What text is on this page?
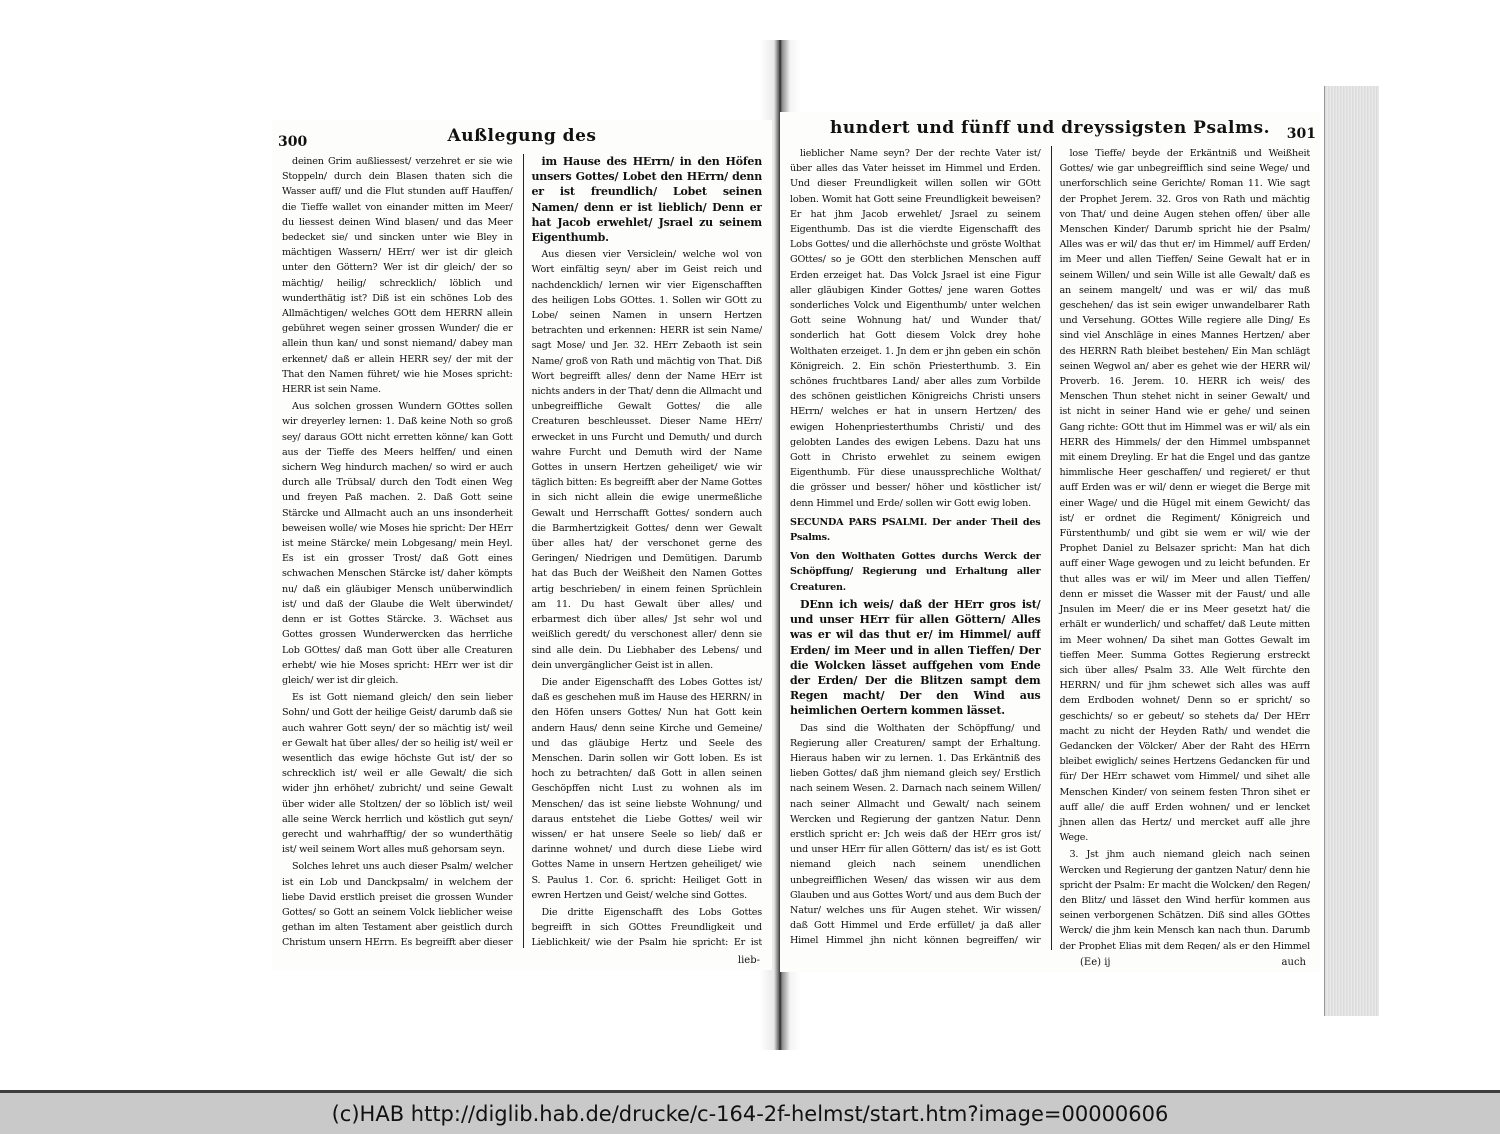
300	Außlegung des

deinen Grim außliessest/ verzehret er sie wie Stoppeln/ durch dein Blasen thaten sich die Wasser auff/ und die Flut stunden auff Hauffen/ die Tieffe wallet von einander mitten im Meer/ du liessest deinen Wind blasen/ und das Meer bedecket sie/ und sincken unter wie Bley in mächtigen Wassern/ HErr/ wer ist dir gleich unter den Göttern? Wer ist dir gleich/ der so mächtig/ heilig/ schrecklich/ löblich und wunderthätig ist? Diß ist ein schönes Lob des Allmächtigen/ welches GOtt dem HERRN allein gebühret wegen seiner grossen Wunder/ die er allein thun kan/ und sonst niemand/ dabey man erkennet/ daß er allein HERR sey/ der mit der That den Namen führet/ wie hie Moses spricht: HERR ist sein Name.

Aus solchen grossen Wundern GOttes sollen wir dreyerley lernen: 1. Daß keine Noth so groß sey/ daraus GOtt nicht erretten könne/ kan Gott aus der Tieffe des Meers helffen/ und einen sichern Weg hindurch machen/ so wird er auch durch alle Trübsal/ durch den Todt einen Weg und freyen Paß machen. 2. Daß Gott seine Stärcke und Allmacht auch an uns insonderheit beweisen wolle/ wie Moses hie spricht: Der HErr ist meine Stärcke/ mein Lobgesang/ mein Heyl. Es ist ein grosser Trost/ daß Gott eines schwachen Menschen Stärcke ist/ daher kömpts nu/ daß ein gläubiger Mensch unüberwindlich ist/ und daß der Glaube die Welt überwindet/ denn er ist Gottes Stärcke. 3. Wächset aus Gottes grossen Wunderwercken das herrliche Lob GOttes/ daß man Gott über alle Creaturen erhebt/ wie hie Moses spricht: HErr wer ist dir gleich/ wer ist dir gleich.

Es ist Gott niemand gleich/ den sein lieber Sohn/ und Gott der heilige Geist/ darumb daß sie auch wahrer Gott seyn/ der so mächtig ist/ weil er Gewalt hat über alles/ der so heilig ist/ weil er wesentlich das ewige höchste Gut ist/ der so schrecklich ist/ weil er alle Gewalt/ die sich wider jhn erhöhet/ zubricht/ und seine Gewalt über wider alle Stoltzen/ der so löblich ist/ weil alle seine Werck herrlich und köstlich gut seyn/ gerecht und wahrhafftig/ der so wunderthätig ist/ weil seinem Wort alles muß gehorsam seyn.

Solches lehret uns auch dieser Psalm/ welcher ist ein Lob und Danckpsalm/ in welchem der liebe David erstlich preiset die grossen Wunder Gottes/ so Gott an seinem Volck lieblicher weise gethan im alten Testament aber geistlich durch Christum unsern HErrn. Es begreifft aber dieser

im Hause des HErrn/ in den Höfen unsers Gottes/ Lobet den HErrn/ denn er ist freundlich/ Lobet seinen Namen/ denn er ist lieblich/ Denn er hat Jacob erwehlet/ Jsrael zu seinem Eigenthumb.

Aus diesen vier Versiclein/ welche wol von Wort einfältig seyn/ aber im Geist reich und nachdencklich/ lernen wir vier Eigenschafften des heiligen Lobs GOttes. 1. Sollen wir GOtt zu Lobe/ seinen Namen in unsern Hertzen betrachten und erkennen: HERR ist sein Name/ sagt Mose/ und Jer. 32. HErr Zebaoth ist sein Name/ groß von Rath und mächtig von That. Diß Wort begreifft alles/ denn der Name HErr ist nichts anders in der That/ denn die Allmacht und unbegreiffliche Gewalt Gottes/ die alle Creaturen beschleusset. Dieser Name HErr/ erwecket in uns Furcht und Demuth/ und durch wahre Furcht und Demuth wird der Name Gottes in unsern Hertzen geheiliget/ wie wir täglich bitten: Es begreifft aber der Name Gottes in sich nicht allein die ewige unermeßliche Gewalt und Herrschafft Gottes/ sondern auch die Barmhertzigkeit Gottes/ denn wer Gewalt über alles hat/ der verschonet gerne des Geringen/ Niedrigen und Demütigen. Darumb hat das Buch der Weißheit den Namen Gottes artig beschrieben/ in einem feinen Sprüchlein am 11. Du hast Gewalt über alles/ und erbarmest dich über alles/ Jst sehr wol und weißlich geredt/ du verschonest aller/ denn sie sind alle dein. Du Liebhaber des Lebens/ und dein unvergänglicher Geist ist in allen.

Die ander Eigenschafft des Lobes Gottes ist/ daß es geschehen muß im Hause des HERRN/ in den Höfen unsers Gottes/ Nun hat Gott kein andern Haus/ denn seine Kirche und Gemeine/ und das gläubige Hertz und Seele des Menschen. Darin sollen wir Gott loben. Es ist hoch zu betrachten/ daß Gott in allen seinen Geschöpffen nicht Lust zu wohnen als im Menschen/ das ist seine liebste Wohnung/ und daraus entstehet die Liebe Gottes/ weil wir wissen/ er hat unsere Seele so lieb/ daß er darinne wohnet/ und durch diese Liebe wird Gottes Name in unsern Hertzen geheiliget/ wie S. Paulus 1. Cor. 6. spricht: Heiliget Gott in ewren Hertzen und Geist/ welche sind Gottes.

Die dritte Eigenschafft des Lobs Gottes begreifft in sich GOttes Freundligkeit und Lieblichkeit/ wie der Psalm hie spricht: Er ist

lieb-
hundert und fünff und dreyssigsten Psalms.	301

lieblicher Name seyn? Der der rechte Vater ist/ über alles das Vater heisset im Himmel und Erden. Und dieser Freundligkeit willen sollen wir GOtt loben. Womit hat Gott seine Freundligkeit beweisen? Er hat jhm Jacob erwehlet/ Jsrael zu seinem Eigenthumb. Das ist die vierdte Eigenschafft des Lobs Gottes/ und die allerhöchste und gröste Wolthat GOttes/ so je GOtt den sterblichen Menschen auff Erden erzeiget hat. Das Volck Jsrael ist eine Figur aller gläubigen Kinder Gottes/ jene waren Gottes sonderliches Volck und Eigenthumb/ unter welchen Gott seine Wohnung hat/ und Wunder that/ sonderlich hat Gott diesem Volck drey hohe Wolthaten erzeiget. 1. Jn dem er jhn geben ein schön Königreich. 2. Ein schön Priesterthumb. 3. Ein schönes fruchtbares Land/ aber alles zum Vorbilde des schönen geistlichen Königreichs Christi unsers HErrn/ welches er hat in unsern Hertzen/ des ewigen Hohenpriesterthumbs Christi/ und des gelobten Landes des ewigen Lebens. Dazu hat uns Gott in Christo erwehlet zu seinem ewigen Eigenthumb. Für diese unaussprechliche Wolthat/ die grösser und besser/ höher und köstlicher ist/ denn Himmel und Erde/ sollen wir Gott ewig loben.

SECUNDA PARS PSALMI. Der ander Theil des Psalms.

Von den Wolthaten Gottes durchs Werck der Schöpffung/ Regierung und Erhaltung aller Creaturen.

DEnn ich weis/ daß der HErr gros ist/ und unser HErr für allen Göttern/ Alles was er wil das thut er/ im Himmel/ auff Erden/ im Meer und in allen Tieffen/ Der die Wolcken lässet auffgehen vom Ende der Erden/ Der die Blitzen sampt dem Regen macht/ Der den Wind aus heimlichen Oertern kommen lässet.

Das sind die Wolthaten der Schöpffung/ und Regierung aller Creaturen/ sampt der Erhaltung. Hieraus haben wir zu lernen. 1. Das Erkäntniß des lieben Gottes/ daß jhm niemand gleich sey/ Erstlich nach seinem Wesen. 2. Darnach nach seinem Willen/ nach seiner Allmacht und Gewalt/ nach seinem Wercken und Regierung der gantzen Natur. Denn erstlich spricht er: Jch weis daß der HErr gros ist/ und unser HErr für allen Göttern/ das ist/ es ist Gott niemand gleich nach seinem unendlichen unbegreifflichen Wesen/ das wissen wir aus dem Glauben und aus Gottes Wort/ und aus dem Buch der Natur/ welches uns für Augen stehet. Wir wissen/ daß Gott Himmel und Erde erfüllet/ ja daß aller Himel Himmel jhn nicht können begreiffen/ wir

lose Tieffe/ beyde der Erkäntniß und Weißheit Gottes/ wie gar unbegreifflich sind seine Wege/ und unerforschlich seine Gerichte/ Roman 11. Wie sagt der Prophet Jerem. 32. Gros von Rath und mächtig von That/ und deine Augen stehen offen/ über alle Menschen Kinder/ Darumb spricht hie der Psalm/ Alles was er wil/ das thut er/ im Himmel/ auff Erden/ im Meer und allen Tieffen/ Seine Gewalt hat er in seinem Willen/ und sein Wille ist alle Gewalt/ daß es an seinem mangelt/ und was er wil/ das muß geschehen/ das ist sein ewiger unwandelbarer Rath und Versehung. GOttes Wille regiere alle Ding/ Es sind viel Anschläge in eines Mannes Hertzen/ aber des HERRN Rath bleibet bestehen/ Ein Man schlägt seinen Wegwol an/ aber es gehet wie der HERR wil/ Proverb. 16. Jerem. 10. HERR ich weis/ des Menschen Thun stehet nicht in seiner Gewalt/ und ist nicht in seiner Hand wie er gehe/ und seinen Gang richte: GOtt thut im Himmel was er wil/ als ein HERR des Himmels/ der den Himmel umbspannet mit einem Dreyling. Er hat die Engel und das gantze himmlische Heer geschaffen/ und regieret/ er thut auff Erden was er wil/ denn er wieget die Berge mit einer Wage/ und die Hügel mit einem Gewicht/ das ist/ er ordnet die Regiment/ Königreich und Fürstenthumb/ und gibt sie wem er wil/ wie der Prophet Daniel zu Belsazer spricht: Man hat dich auff einer Wage gewogen und zu leicht befunden. Er thut alles was er wil/ im Meer und allen Tieffen/ denn er misset die Wasser mit der Faust/ und alle Jnsulen im Meer/ die er ins Meer gesetzt hat/ die erhält er wunderlich/ und schaffet/ daß Leute mitten im Meer wohnen/ Da sihet man Gottes Gewalt im tieffen Meer. Summa Gottes Regierung erstreckt sich über alles/ Psalm 33. Alle Welt fürchte den HERRN/ und für jhm schewet sich alles was auff dem Erdboden wohnet/ Denn so er spricht/ so geschichts/ so er gebeut/ so stehets da/ Der HErr macht zu nicht der Heyden Rath/ und wendet die Gedancken der Völcker/ Aber der Raht des HErrn bleibet ewiglich/ seines Hertzens Gedancken für und für/ Der HErr schawet vom Himmel/ und sihet alle Menschen Kinder/ von seinem festen Thron sihet er auff alle/ die auff Erden wohnen/ und er lencket jhnen allen das Hertz/ und mercket auff alle jhre Wege.

3. Jst jhm auch niemand gleich nach seinen Wercken und Regierung der gantzen Natur/ denn hie spricht der Psalm: Er macht die Wolcken/ den Regen/ den Blitz/ und lässet den Wind herfür kommen aus seinen verborgenen Schätzen. Diß sind alles GOttes Werck/ die jhm kein Mensch kan nach thun. Darumb der Prophet Elias mit dem Regen/ als er den Himmel

(Ee) ij	auch
(c)HAB http://diglib.hab.de/drucke/c-164-2f-helmst/start.htm?image=00000606
